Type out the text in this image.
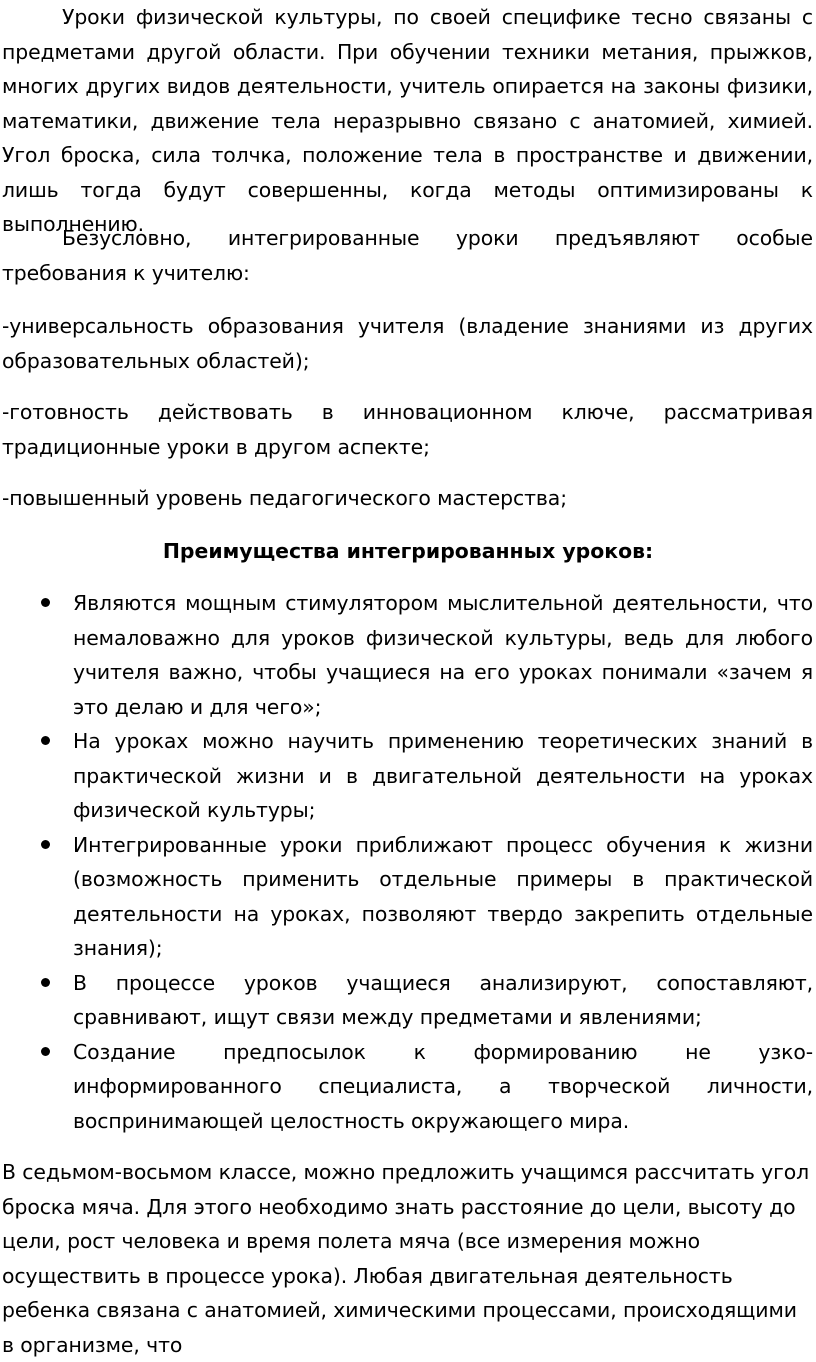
Уроки физической культуры, по своей специфике тесно связаны с предметами другой области. При обучении техники метания, прыжков, многих других видов деятельности, учитель опирается на законы физики, математики, движение тела неразрывно связано с анатомией, химией. Угол броска, сила толчка, положение тела в пространстве и движении, лишь тогда будут совершенны, когда методы оптимизированы к выполнению.

Безусловно, интегрированные уроки предъявляют особые требования к учителю:

-универсальность образования учителя (владение знаниями из других образовательных областей);

-готовность действовать в инновационном ключе, рассматривая традиционные уроки в другом аспекте;

-повышенный уровень педагогического мастерства;

Преимущества интегрированных уроков:

Являются мощным стимулятором мыслительной деятельности, что немаловажно для уроков физической культуры, ведь для любого учителя важно, чтобы учащиеся на его уроках понимали «зачем я это делаю и для чего»;
На уроках можно научить применению теоретических знаний в практической жизни и в двигательной деятельности на уроках физической культуры;
Интегрированные уроки приближают процесс обучения к жизни (возможность применить отдельные примеры в практической деятельности на уроках, позволяют твердо закрепить отдельные знания);
В процессе уроков учащиеся анализируют, сопоставляют, сравнивают, ищут связи между предметами и явлениями;
Создание предпосылок к формированию не узко-информированного специалиста, а творческой личности, воспринимающей целостность окружающего мира.

В седьмом-восьмом классе, можно предложить учащимся рассчитать угол броска мяча. Для этого необходимо знать расстояние до цели, высоту до цели, рост человека и время полета мяча (все измерения можно осуществить в процессе урока). Любая двигательная деятельность ребенка связана с анатомией, химическими процессами, происходящими в организме, что
